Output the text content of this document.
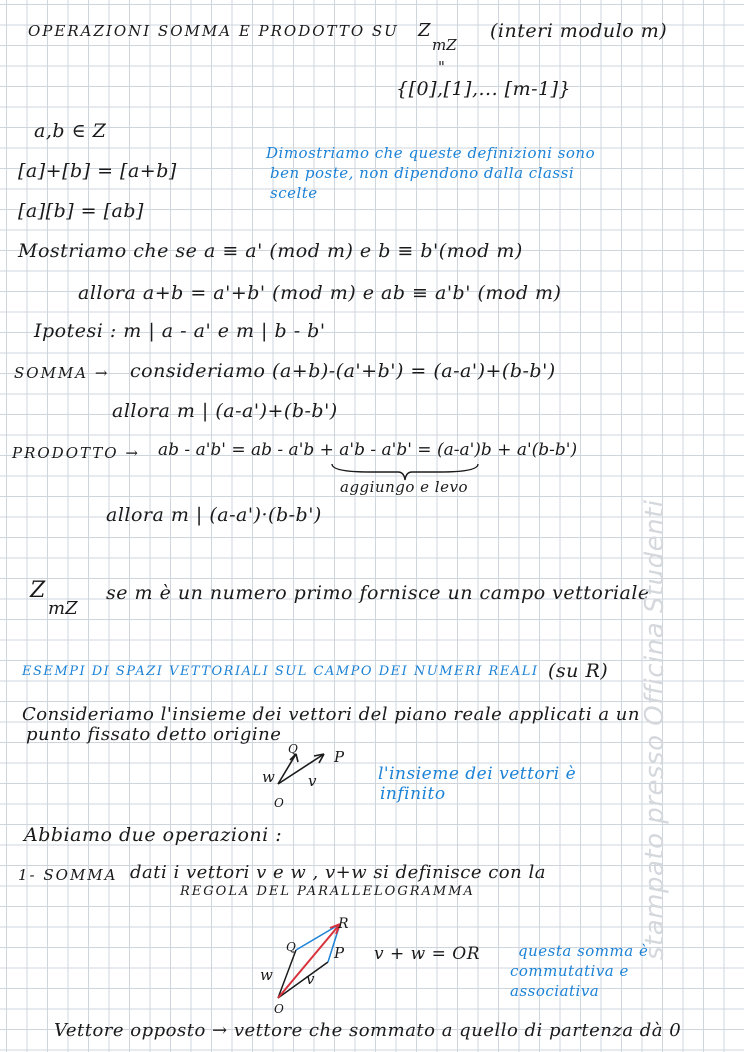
OPERAZIONI SOMMA E PRODOTTO SU Z
mZ
(interi modulo m)
"
{[0],[1],... [m-1]}
a,b ∈ Z
[a]+[b] = [a+b]
[a][b] = [ab]
Dimostriamo che queste definizioni sono
ben poste, non dipendono dalla classi
scelte
Mostriamo che se a ≡ a' (mod m) e b ≡ b'(mod m)
allora a+b = a'+b' (mod m) e ab ≡ a'b' (mod m)
Ipotesi : m | a - a' e m | b - b'
SOMMA → consideriamo (a+b)-(a'+b') = (a-a')+(b-b')
allora m | (a-a')+(b-b')
PRODOTTO → ab - a'b' = ab - a'b + a'b - a'b' = (a-a')b + a'(b-b')
aggiungo e levo
allora m | (a-a')·(b-b')
Z
mZ
se m è un numero primo fornisce un campo vettoriale
ESEMPI DI SPAZI VETTORIALI SUL CAMPO DEI NUMERI REALI (su R)
Consideriamo l'insieme dei vettori del piano reale applicati a un
punto fissato detto origine
Q P
w v
O
l'insieme dei vettori è
infinito
Abbiamo due operazioni :
1- SOMMA dati i vettori v e w , v+w si definisce con la
REGOLA DEL PARALLELOGRAMMA
R
Q	P
w v
O
v + w = OR	questa somma è
commutativa e
associativa
Vettore opposto → vettore che sommato a quello di partenza dà 0
stampato presso Officina Studenti
